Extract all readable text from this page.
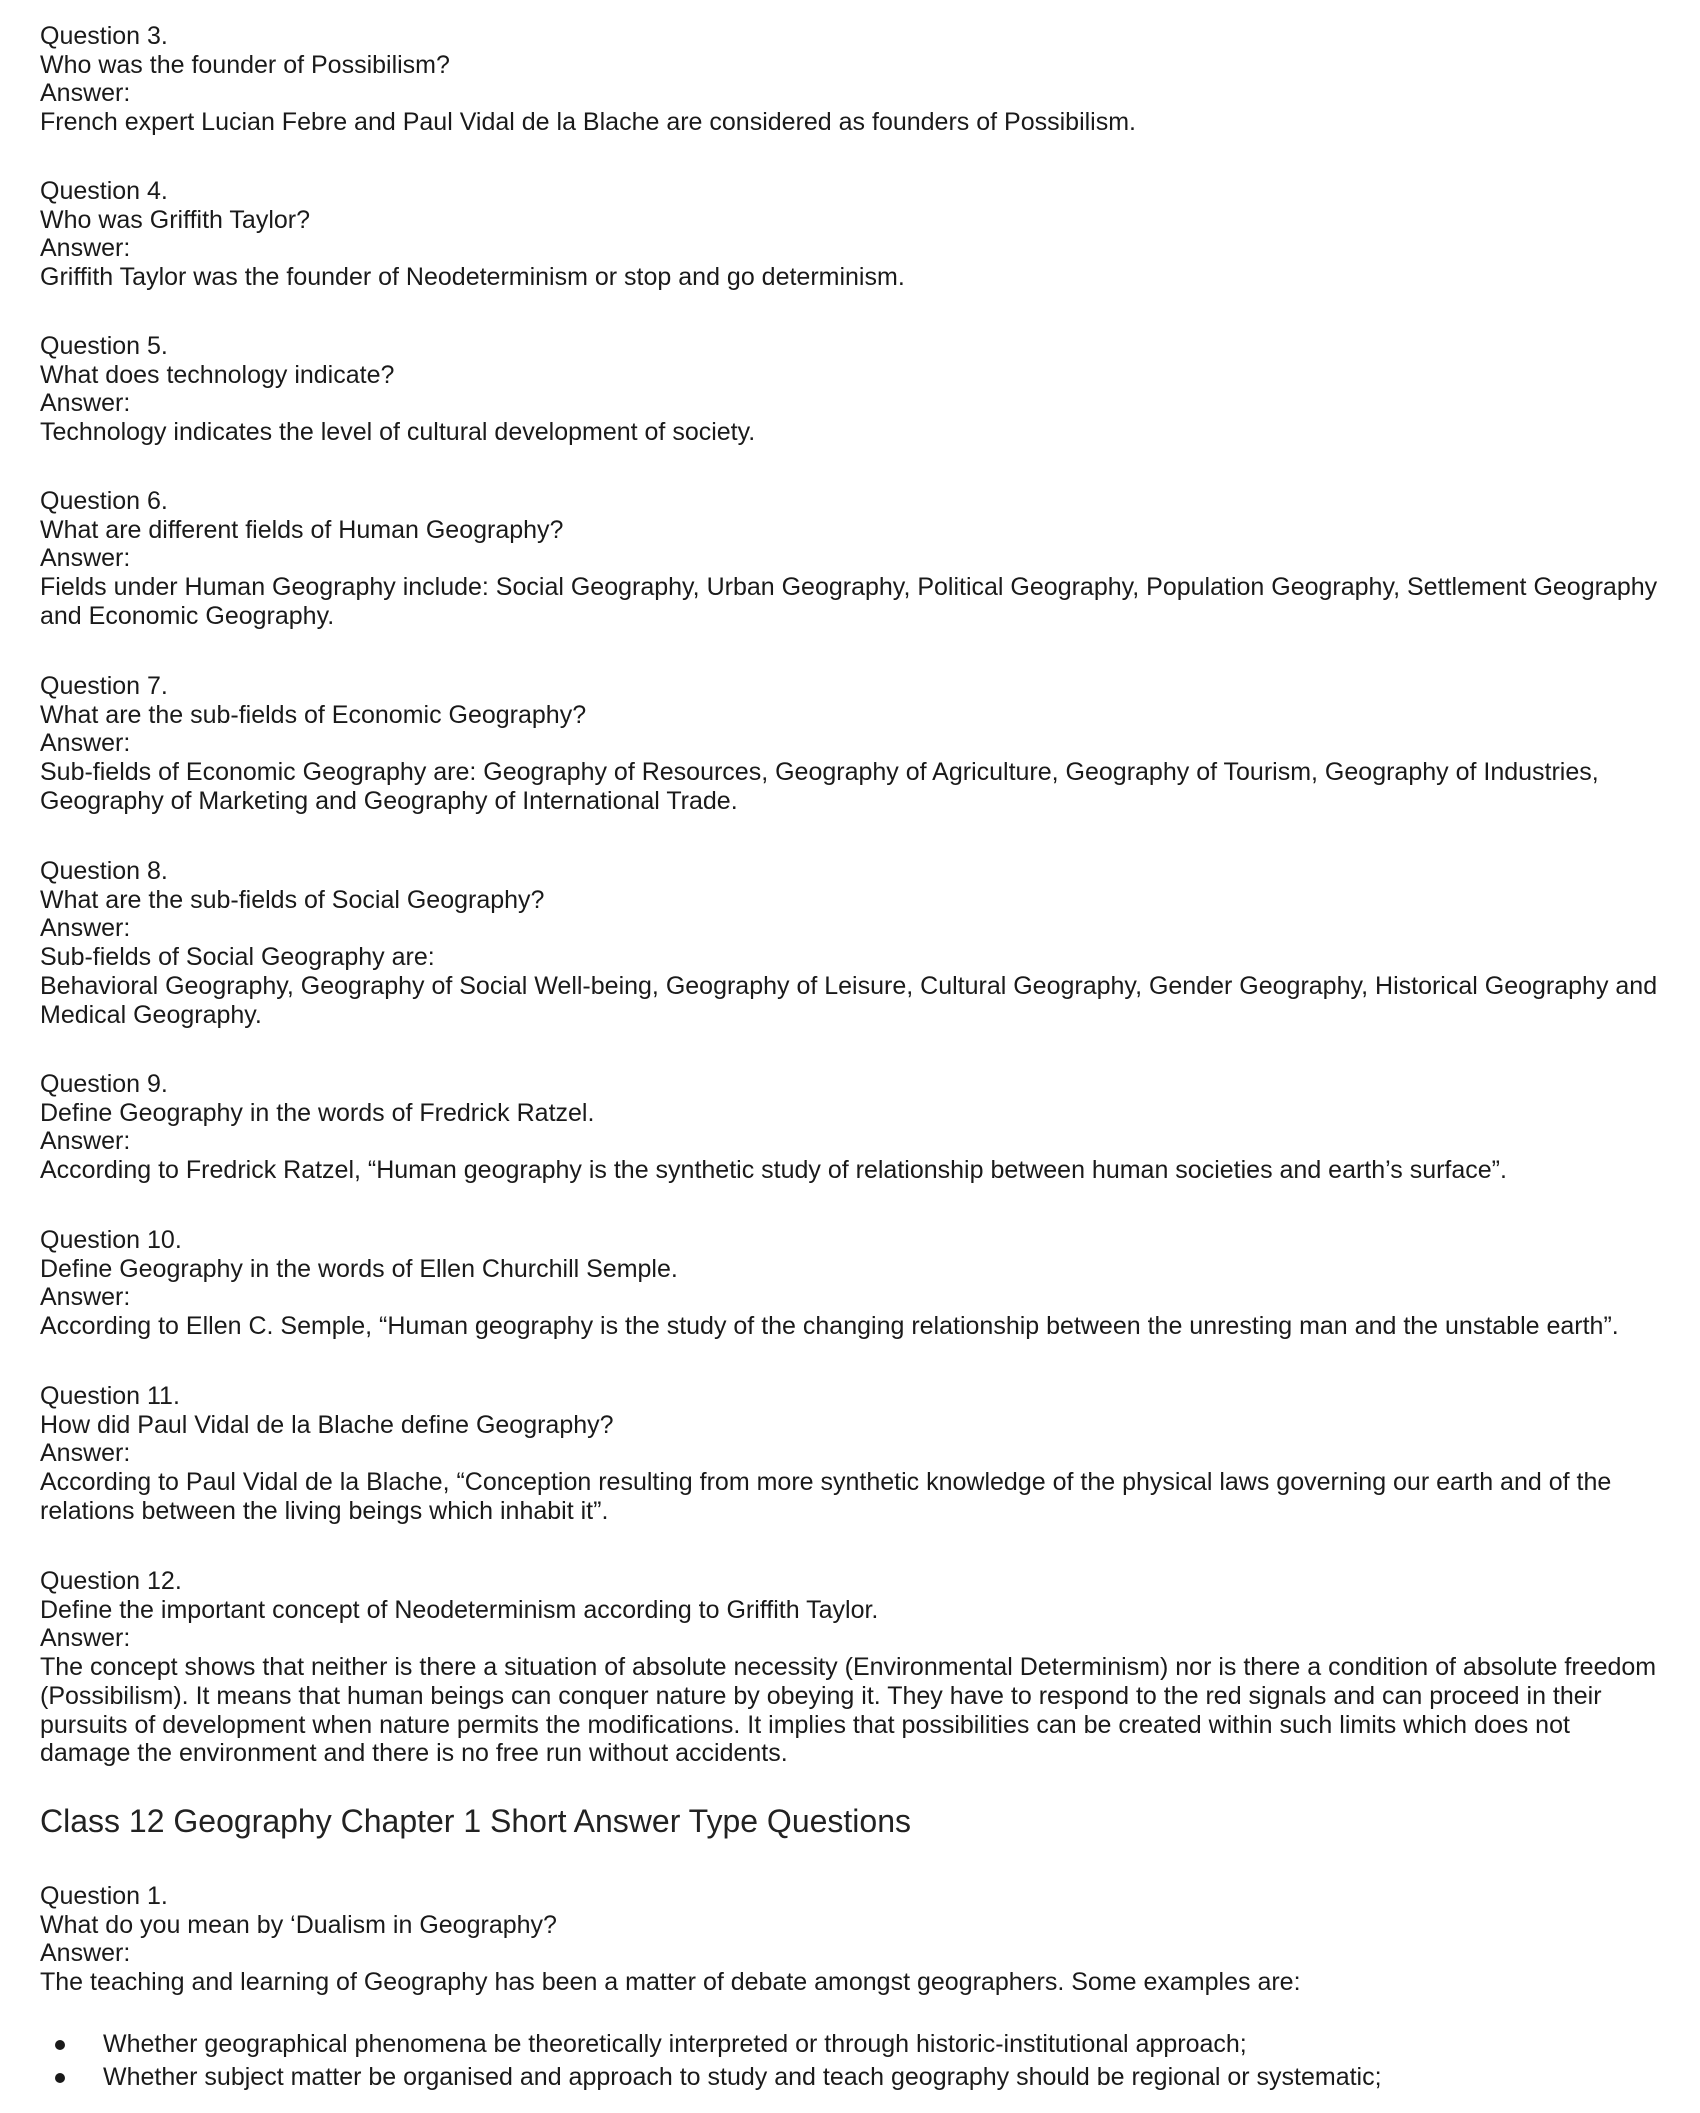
Question 3.

Who was the founder of Possibilism?

Answer:

French expert Lucian Febre and Paul Vidal de la Blache are considered as founders of Possibilism.

Question 4.

Who was Griffith Taylor?

Answer:

Griffith Taylor was the founder of Neodeterminism or stop and go determinism.

Question 5.

What does technology indicate?

Answer:

Technology indicates the level of cultural development of society.

Question 6.

What are different fields of Human Geography?

Answer:

Fields under Human Geography include: Social Geography, Urban Geography, Political Geography, Population Geography, Settlement Geography and Economic Geography.

Question 7.

What are the sub-fields of Economic Geography?

Answer:

Sub-fields of Economic Geography are: Geography of Resources, Geography of Agriculture, Geography of Tourism, Geography of Industries, Geography of Marketing and Geography of International Trade.

Question 8.

What are the sub-fields of Social Geography?

Answer:

Sub-fields of Social Geography are:

Behavioral Geography, Geography of Social Well-being, Geography of Leisure, Cultural Geography, Gender Geography, Historical Geography and Medical Geography.

Question 9.

Define Geography in the words of Fredrick Ratzel.

Answer:

According to Fredrick Ratzel, “Human geography is the synthetic study of relationship between human societies and earth’s surface”.

Question 10.

Define Geography in the words of Ellen Churchill Semple.

Answer:

According to Ellen C. Semple, “Human geography is the study of the changing relationship between the unresting man and the unstable earth”.

Question 11.

How did Paul Vidal de la Blache define Geography?

Answer:

According to Paul Vidal de la Blache, “Conception resulting from more synthetic knowledge of the physical laws governing our earth and of the relations between the living beings which inhabit it”.

Question 12.

Define the important concept of Neodeterminism according to Griffith Taylor.

Answer:

The concept shows that neither is there a situation of absolute necessity (Environmental Determinism) nor is there a condition of absolute freedom (Possibilism). It means that human beings can conquer nature by obeying it. They have to respond to the red signals and can proceed in their pursuits of development when nature permits the modifications. It implies that possibilities can be created within such limits which does not damage the environment and there is no free run without accidents.

Class 12 Geography Chapter 1 Short Answer Type Questions

Question 1.

What do you mean by ‘Dualism in Geography?

Answer:

The teaching and learning of Geography has been a matter of debate amongst geographers. Some examples are:

Whether geographical phenomena be theoretically interpreted or through historic-institutional approach;
Whether subject matter be organised and approach to study and teach geography should be regional or systematic;
